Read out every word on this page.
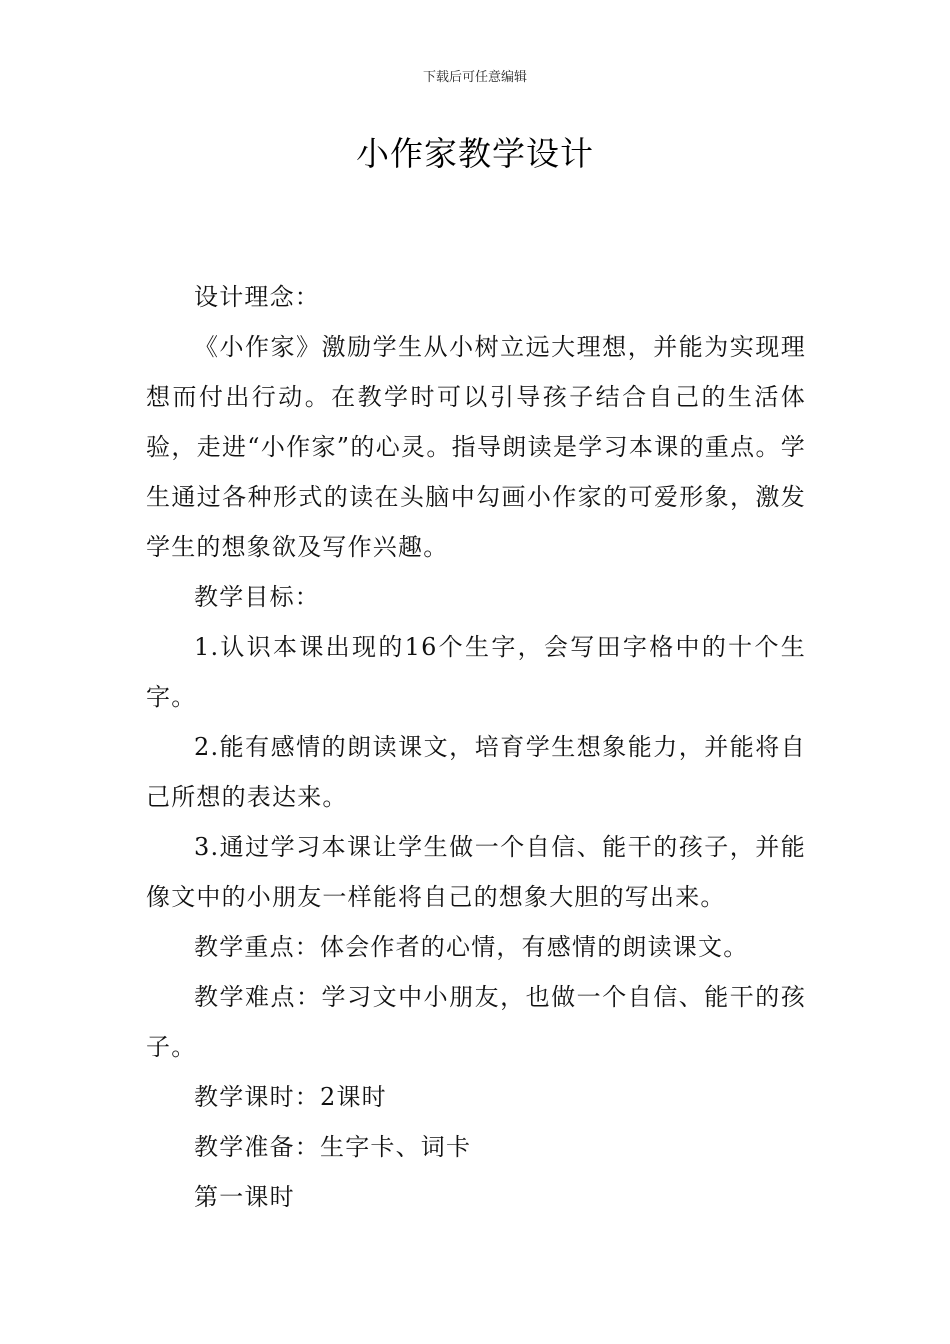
下载后可任意编辑
小作家教学设计

设计理念：

《小作家》激励学生从小树立远大理想，并能为实现理想而付出行动。在教学时可以引导孩子结合自己的生活体验，走进“小作家”的心灵。指导朗读是学习本课的重点。学生通过各种形式的读在头脑中勾画小作家的可爱形象，激发学生的想象欲及写作兴趣。

教学目标：

1.认识本课出现的16个生字，会写田字格中的十个生字。

2.能有感情的朗读课文，培育学生想象能力，并能将自己所想的表达来。

3.通过学习本课让学生做一个自信、能干的孩子，并能像文中的小朋友一样能将自己的想象大胆的写出来。

教学重点：体会作者的心情，有感情的朗读课文。

教学难点：学习文中小朋友，也做一个自信、能干的孩子。

教学课时：2课时

教学准备：生字卡、词卡

第一课时
